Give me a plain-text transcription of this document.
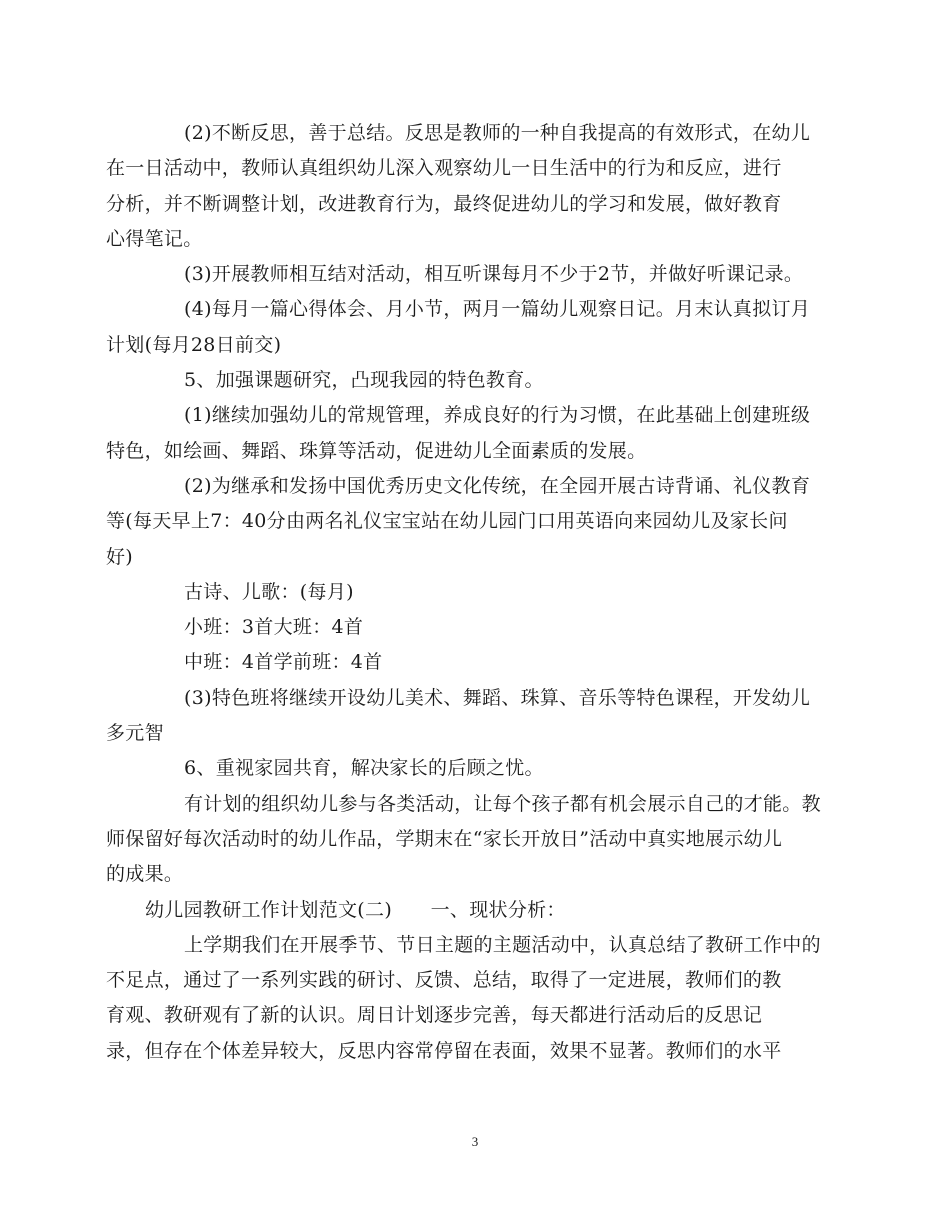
(2)不断反思，善于总结。反思是教师的一种自我提高的有效形式，在幼儿
在一日活动中，教师认真组织幼儿深入观察幼儿一日生活中的行为和反应，进行
分析，并不断调整计划，改进教育行为，最终促进幼儿的学习和发展，做好教育
心得笔记。
(3)开展教师相互结对活动，相互听课每月不少于2节，并做好听课记录。
(4)每月一篇心得体会、月小节，两月一篇幼儿观察日记。月末认真拟订月
计划(每月28日前交)
5、加强课题研究，凸现我园的特色教育。
(1)继续加强幼儿的常规管理，养成良好的行为习惯，在此基础上创建班级
特色，如绘画、舞蹈、珠算等活动，促进幼儿全面素质的发展。
(2)为继承和发扬中国优秀历史文化传统，在全园开展古诗背诵、礼仪教育
等(每天早上7：40分由两名礼仪宝宝站在幼儿园门口用英语向来园幼儿及家长问
好)
古诗、儿歌：(每月)
小班：3首大班：4首
中班：4首学前班：4首
(3)特色班将继续开设幼儿美术、舞蹈、珠算、音乐等特色课程，开发幼儿
多元智
6、重视家园共育，解决家长的后顾之忧。
有计划的组织幼儿参与各类活动，让每个孩子都有机会展示自己的才能。教
师保留好每次活动时的幼儿作品，学期末在“家长开放日”活动中真实地展示幼儿
的成果。
幼儿园教研工作计划范文(二)　　一、现状分析：
上学期我们在开展季节、节日主题的主题活动中，认真总结了教研工作中的
不足点，通过了一系列实践的研讨、反馈、总结，取得了一定进展，教师们的教
育观、教研观有了新的认识。周日计划逐步完善，每天都进行活动后的反思记
录，但存在个体差异较大，反思内容常停留在表面，效果不显著。教师们的水平
3
